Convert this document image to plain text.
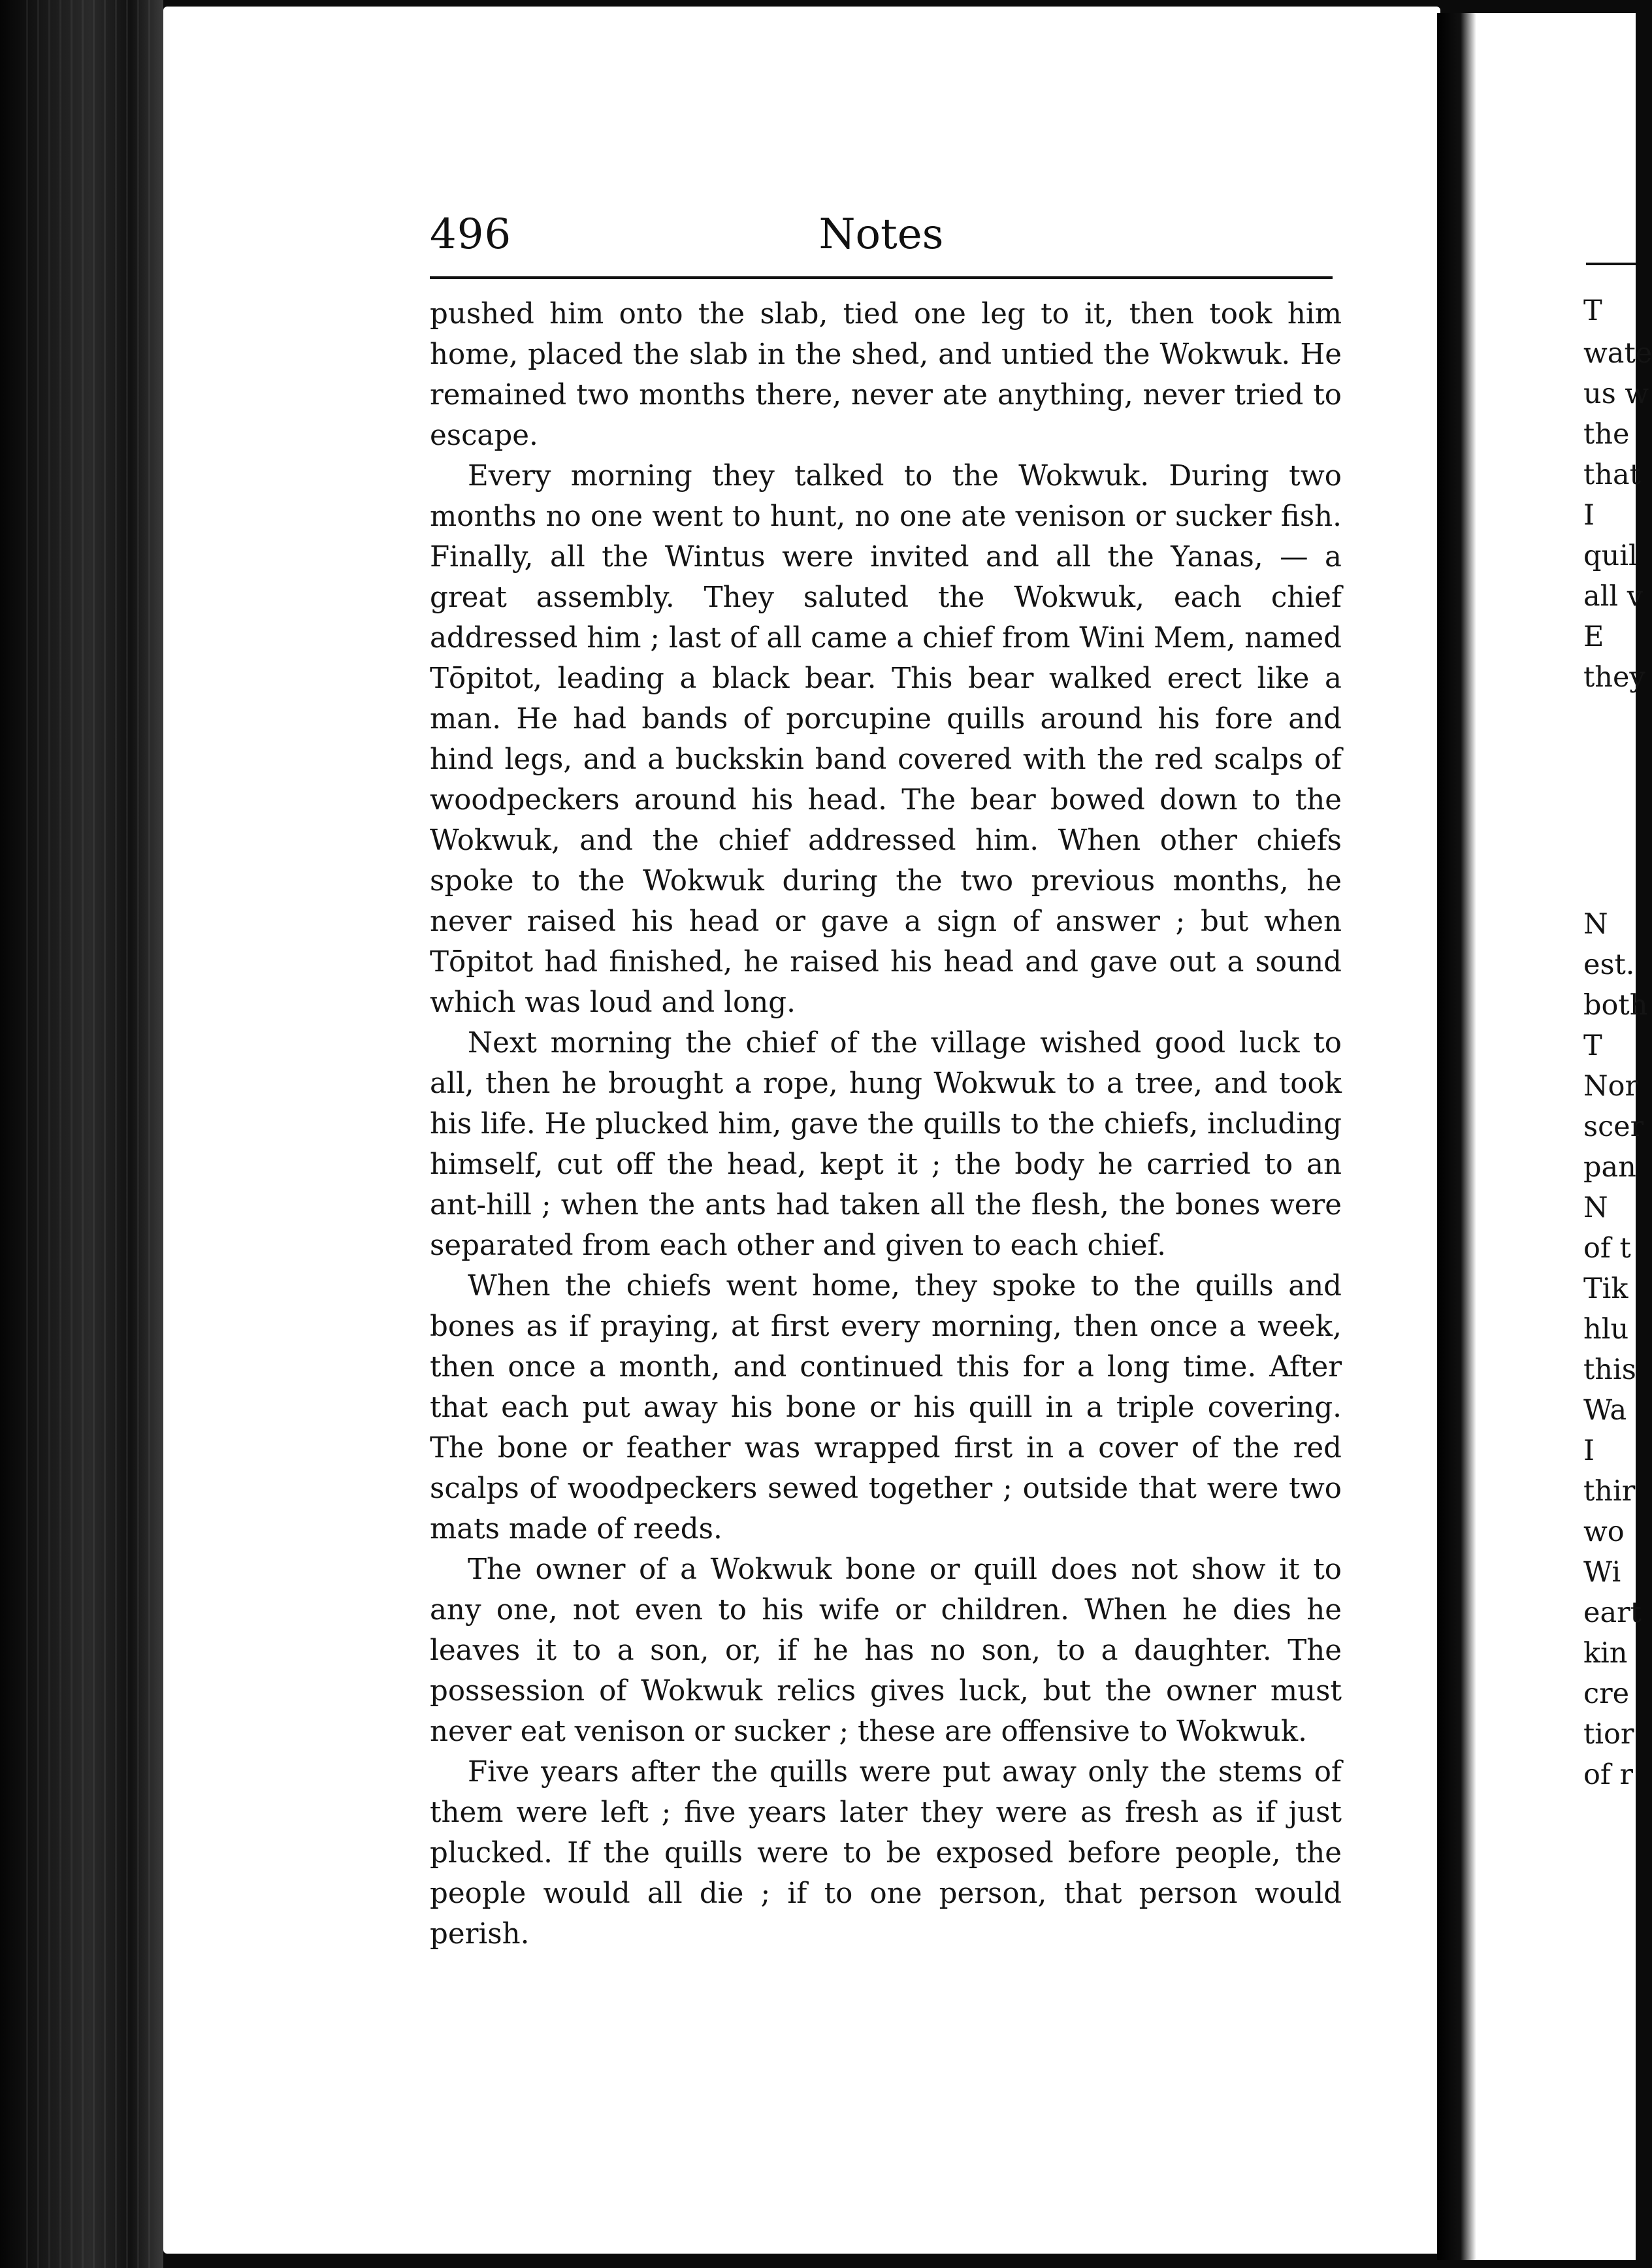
496	Notes

pushed him onto the slab, tied one leg to it, then took him home, placed the slab in the shed, and untied the Wokwuk. He remained two months there, never ate anything, never tried to escape.

Every morning they talked to the Wokwuk. During two months no one went to hunt, no one ate venison or sucker fish. Finally, all the Wintus were invited and all the Yanas, — a great assembly. They saluted the Wokwuk, each chief addressed him ; last of all came a chief from Wini Mem, named Tōpitot, leading a black bear. This bear walked erect like a man. He had bands of porcupine quills around his fore and hind legs, and a buckskin band covered with the red scalps of woodpeckers around his head. The bear bowed down to the Wokwuk, and the chief addressed him. When other chiefs spoke to the Wokwuk during the two previous months, he never raised his head or gave a sign of answer ; but when Tōpitot had finished, he raised his head and gave out a sound which was loud and long.

Next morning the chief of the village wished good luck to all, then he brought a rope, hung Wokwuk to a tree, and took his life. He plucked him, gave the quills to the chiefs, including himself, cut off the head, kept it ; the body he carried to an ant-hill ; when the ants had taken all the flesh, the bones were separated from each other and given to each chief.

When the chiefs went home, they spoke to the quills and bones as if praying, at first every morning, then once a week, then once a month, and continued this for a long time. After that each put away his bone or his quill in a triple covering. The bone or feather was wrapped first in a cover of the red scalps of woodpeckers sewed together ; outside that were two mats made of reeds.

The owner of a Wokwuk bone or quill does not show it to any one, not even to his wife or children. When he dies he leaves it to a son, or, if he has no son, to a daughter. The possession of Wokwuk relics gives luck, but the owner must never eat venison or sucker ; these are offensive to Wokwuk.

Five years after the quills were put away only the stems of them were left ; five years later they were as fresh as if just plucked. If the quills were to be exposed before people, the people would all die ; if to one person, that person would perish.

T
wate
us w
the
that
I
quil
all v
E
they
N
est.
both
T
Nor
scer
pan
N
of t
Tik
hlu
this
Wa
I
thir
wo
Wi
eart
kin
cre
tior
of r
